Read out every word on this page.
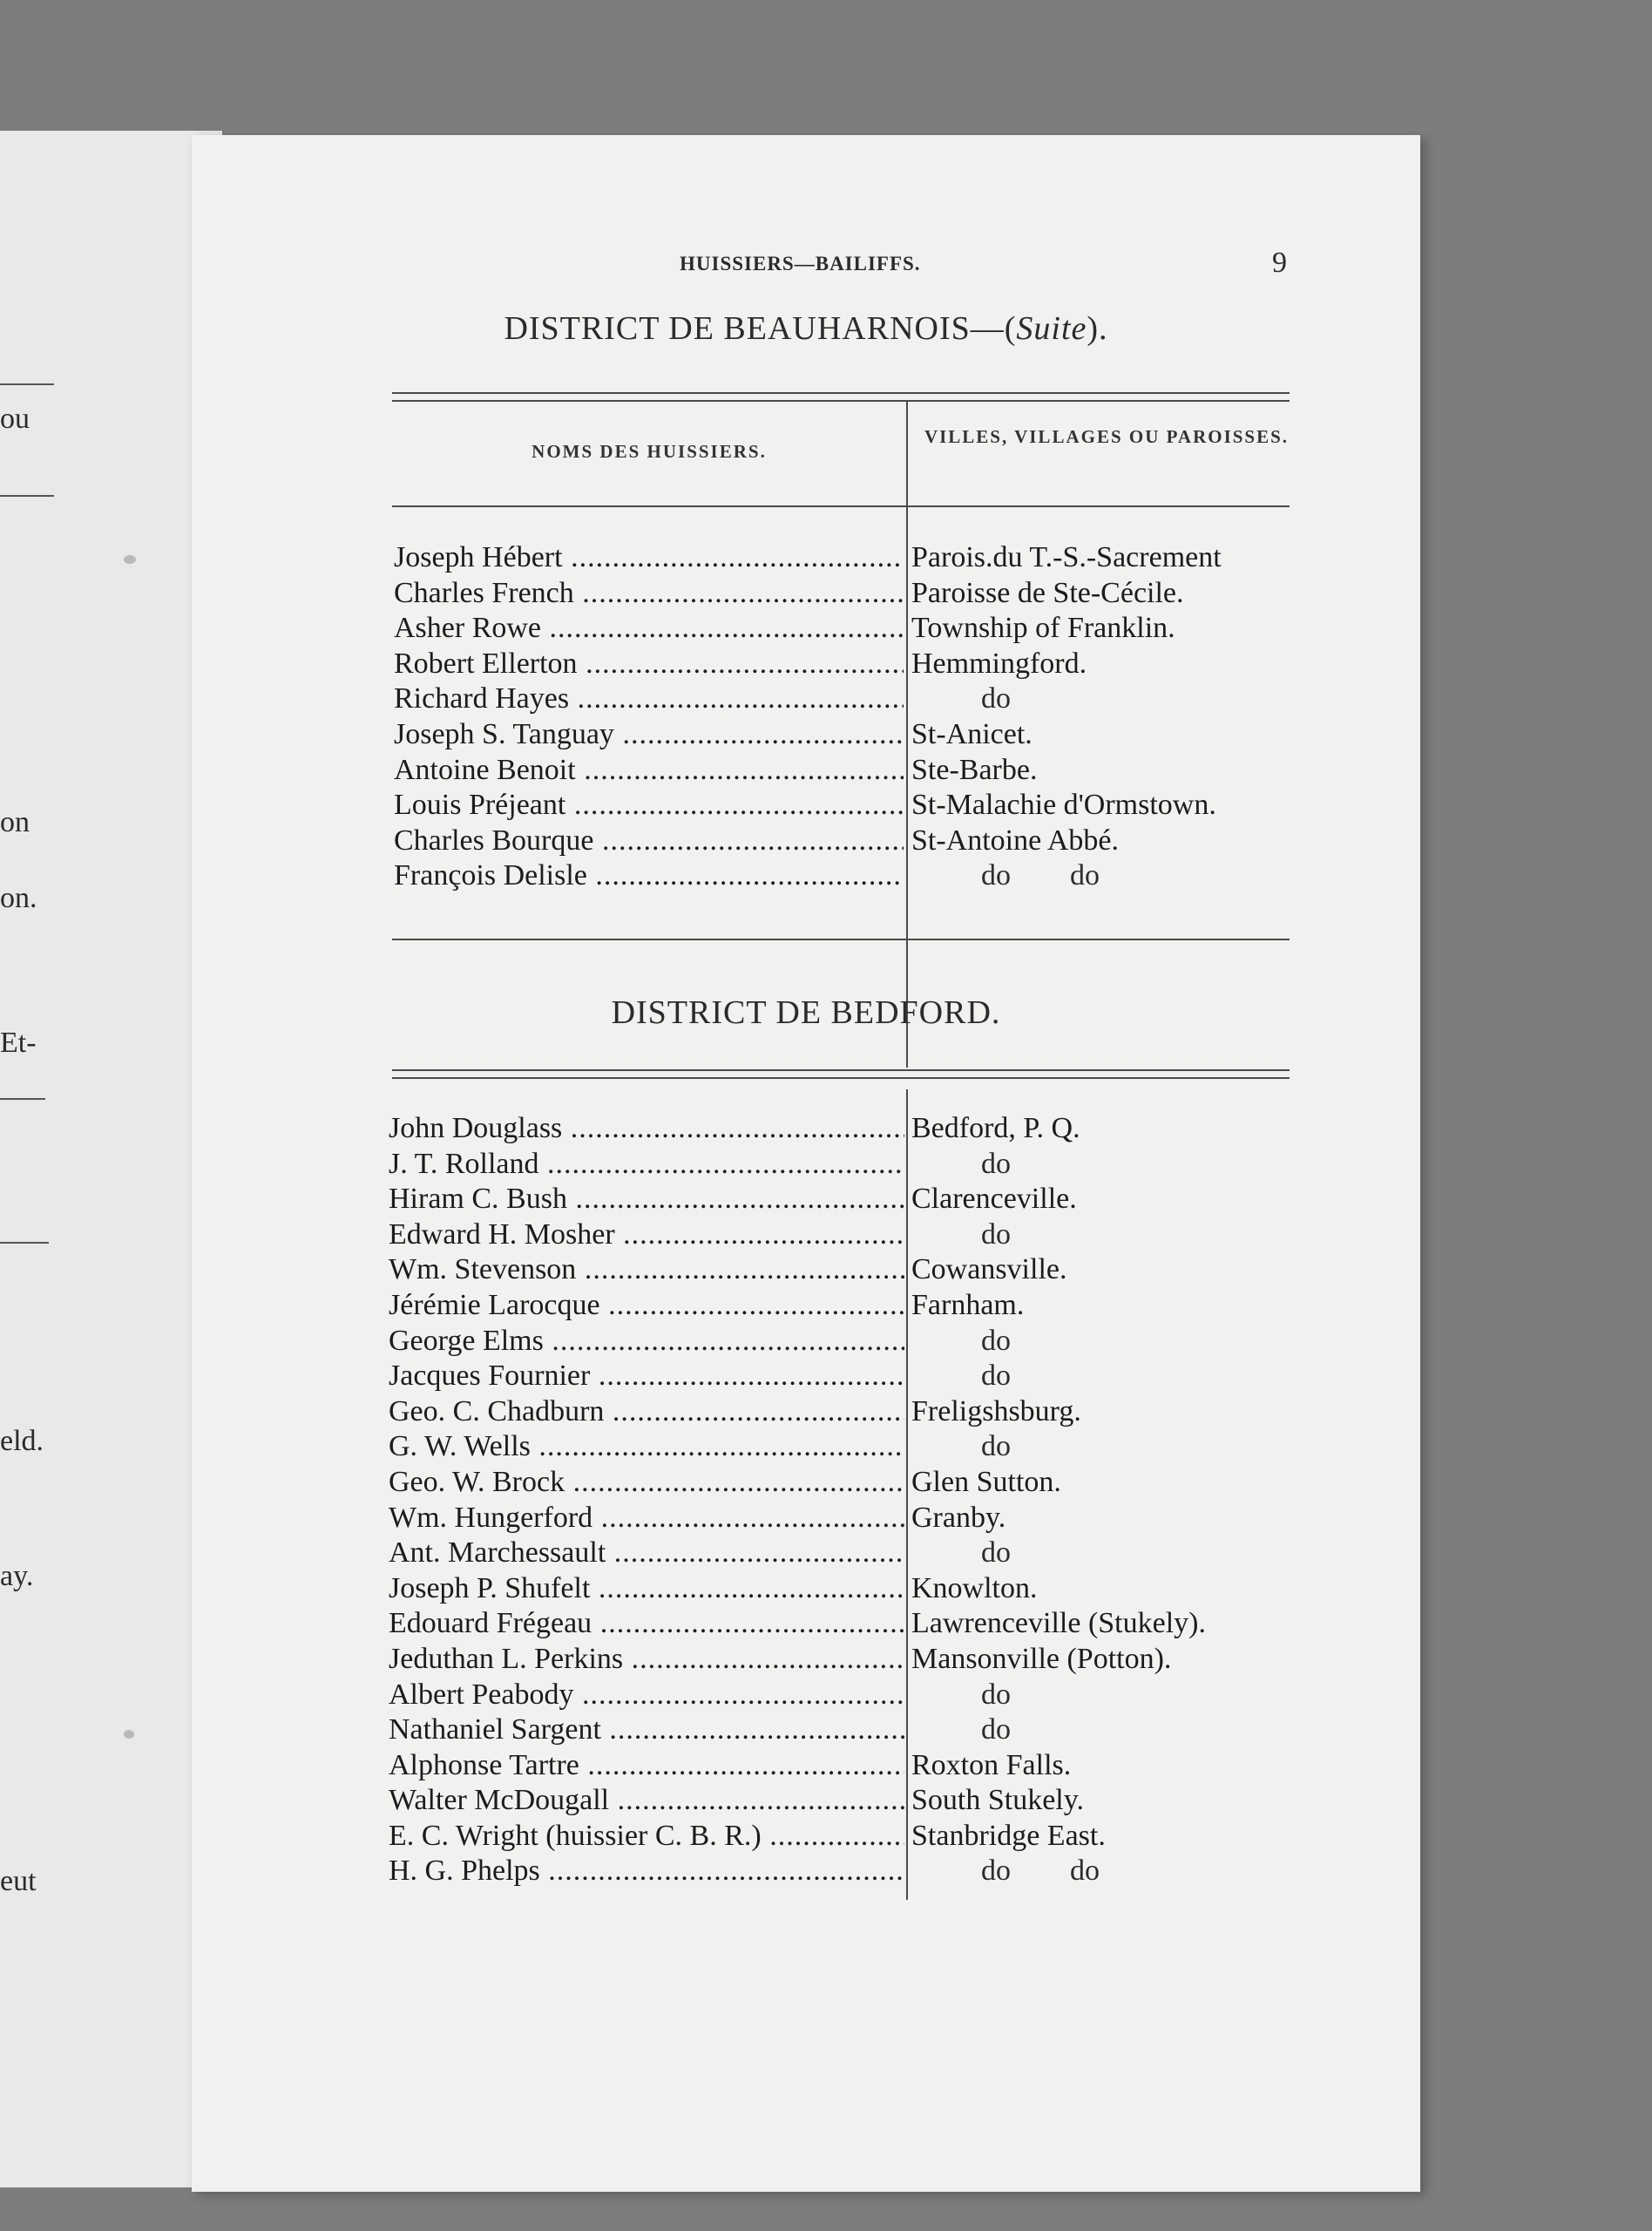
ou
on
on.
Et-
eld.
ay.
eut
HUISSIERS—BAILIFFS.	9
DISTRICT DE BEAUHARNOIS—(Suite).
NOMS DES HUISSIERS.
VILLES, VILLAGES OU PAROISSES.
Joseph Hébert .....	Parois.du T.-S.-Sacrement
Charles French .....	Paroisse de Ste-Cécile.
Asher Rowe .....	Township of Franklin.
Robert Ellerton .....	Hemmingford.
Richard Hayes .....	do
Joseph S. Tanguay .....	St-Anicet.
Antoine Benoit .....	Ste-Barbe.
Louis Préjeant .....	St-Malachie d'Ormstown.
Charles Bourque .....	St-Antoine Abbé.
François Delisle .....	do        do
DISTRICT DE BEDFORD.
John Douglass .....	Bedford, P. Q.
J. T. Rolland .....	do
Hiram C. Bush .....	Clarenceville.
Edward H. Mosher .....	do
Wm. Stevenson .....	Cowansville.
Jérémie Larocque .....	Farnham.
George Elms .....	do
Jacques Fournier .....	do
Geo. C. Chadburn .....	Freligshsburg.
G. W. Wells .....	do
Geo. W. Brock .....	Glen Sutton.
Wm. Hungerford .....	Granby.
Ant. Marchessault .....	do
Joseph P. Shufelt .....	Knowlton.
Edouard Frégeau .....	Lawrenceville (Stukely).
Jeduthan L. Perkins .....	Mansonville (Potton).
Albert Peabody .....	do
Nathaniel Sargent .....	do
Alphonse Tartre .....	Roxton Falls.
Walter McDougall .....	South Stukely.
E. C. Wright (huissier C. B. R.) .....	Stanbridge East.
H. G. Phelps .....	do        do
